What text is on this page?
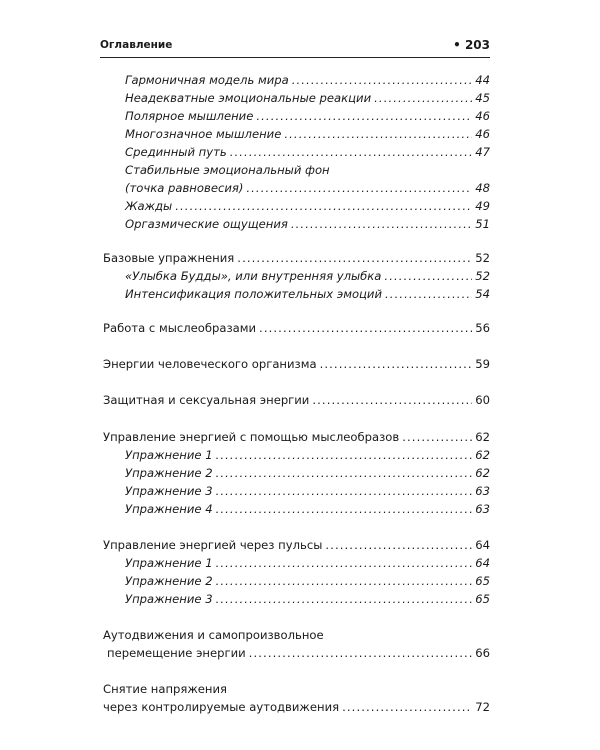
Оглавление	• 203
Гармоничная модель мира .....	44
Неадекватные эмоциональные реакции .....	45
Полярное мышление .....	46
Многозначное мышление .....	46
Срединный путь .....	47
Стабильные эмоциональный фон
(точка равновесия) .....	48
Жажды .....	49
Оргазмические ощущения .....	51
Базовые упражнения .....	52
«Улыбка Будды», или внутренняя улыбка .....	52
Интенсификация положительных эмоций .....	54
Работа с мыслеобразами .....	56
Энергии человеческого организма .....	59
Защитная и сексуальная энергии .....	60
Управление энергией с помощью мыслеобразов .....	62
Упражнение 1 .....	62
Упражнение 2 .....	62
Упражнение 3 .....	63
Упражнение 4 .....	63
Управление энергией через пульсы .....	64
Упражнение 1 .....	64
Упражнение 2 .....	65
Упражнение 3 .....	65
Аутодвижения и самопроизвольное
перемещение энергии .....	66
Снятие напряжения
через контролируемые аутодвижения .....	72
